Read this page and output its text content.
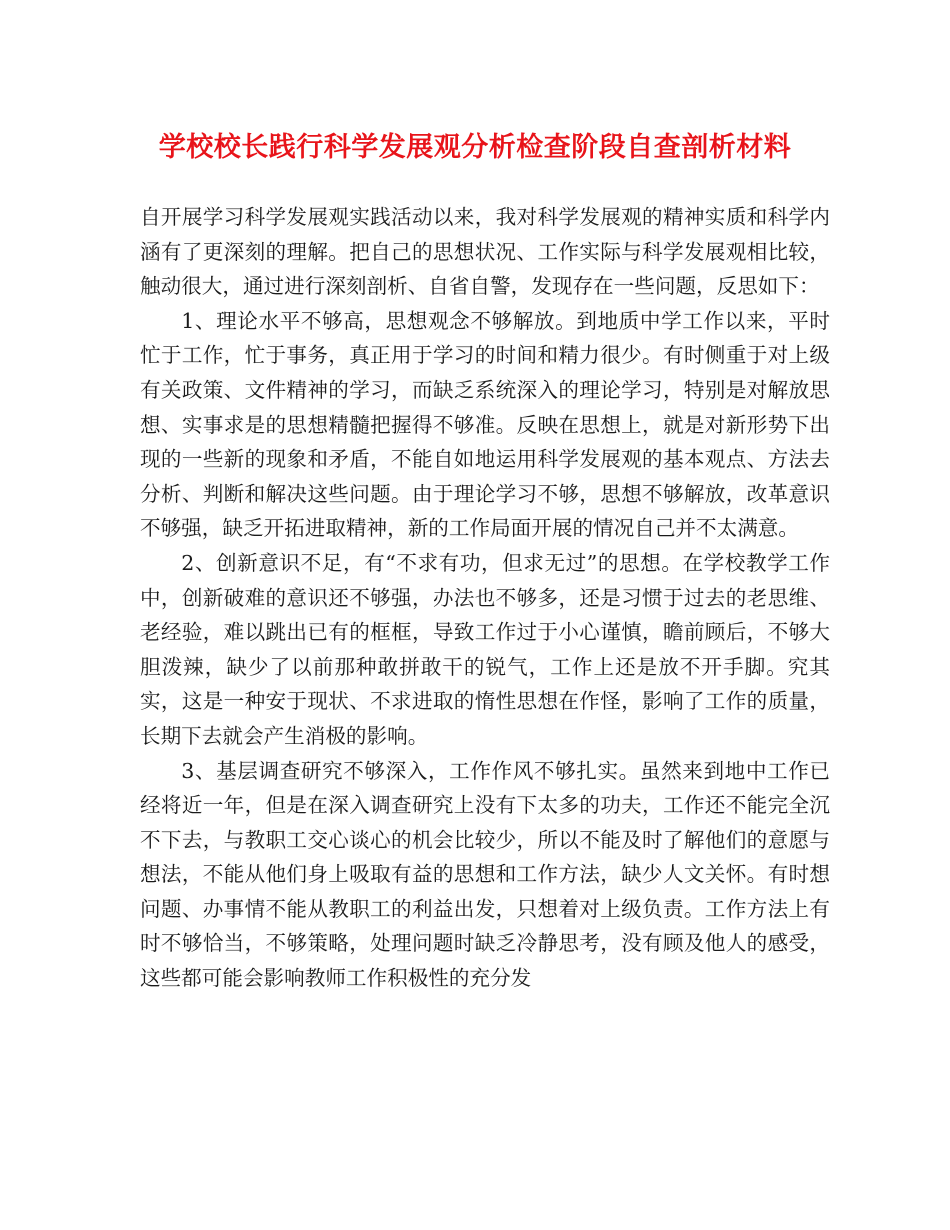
学校校长践行科学发展观分析检查阶段自查剖析材料

自开展学习科学发展观实践活动以来，我对科学发展观的精神实质和科学内涵有了更深刻的理解。把自己的思想状况、工作实际与科学发展观相比较，触动很大，通过进行深刻剖析、自省自警，发现存在一些问题，反思如下：

1、理论水平不够高，思想观念不够解放。到地质中学工作以来，平时忙于工作，忙于事务，真正用于学习的时间和精力很少。有时侧重于对上级有关政策、文件精神的学习，而缺乏系统深入的理论学习，特别是对解放思想、实事求是的思想精髓把握得不够准。反映在思想上，就是对新形势下出现的一些新的现象和矛盾，不能自如地运用科学发展观的基本观点、方法去分析、判断和解决这些问题。由于理论学习不够，思想不够解放，改革意识不够强，缺乏开拓进取精神，新的工作局面开展的情况自己并不太满意。

2、创新意识不足，有“不求有功，但求无过”的思想。在学校教学工作中，创新破难的意识还不够强，办法也不够多，还是习惯于过去的老思维、老经验，难以跳出已有的框框，导致工作过于小心谨慎，瞻前顾后，不够大胆泼辣，缺少了以前那种敢拼敢干的锐气，工作上还是放不开手脚。究其实，这是一种安于现状、不求进取的惰性思想在作怪，影响了工作的质量，长期下去就会产生消极的影响。

3、基层调查研究不够深入，工作作风不够扎实。虽然来到地中工作已经将近一年，但是在深入调查研究上没有下太多的功夫，工作还不能完全沉不下去，与教职工交心谈心的机会比较少，所以不能及时了解他们的意愿与想法，不能从他们身上吸取有益的思想和工作方法，缺少人文关怀。有时想问题、办事情不能从教职工的利益出发，只想着对上级负责。工作方法上有时不够恰当，不够策略，处理问题时缺乏冷静思考，没有顾及他人的感受，这些都可能会影响教师工作积极性的充分发
